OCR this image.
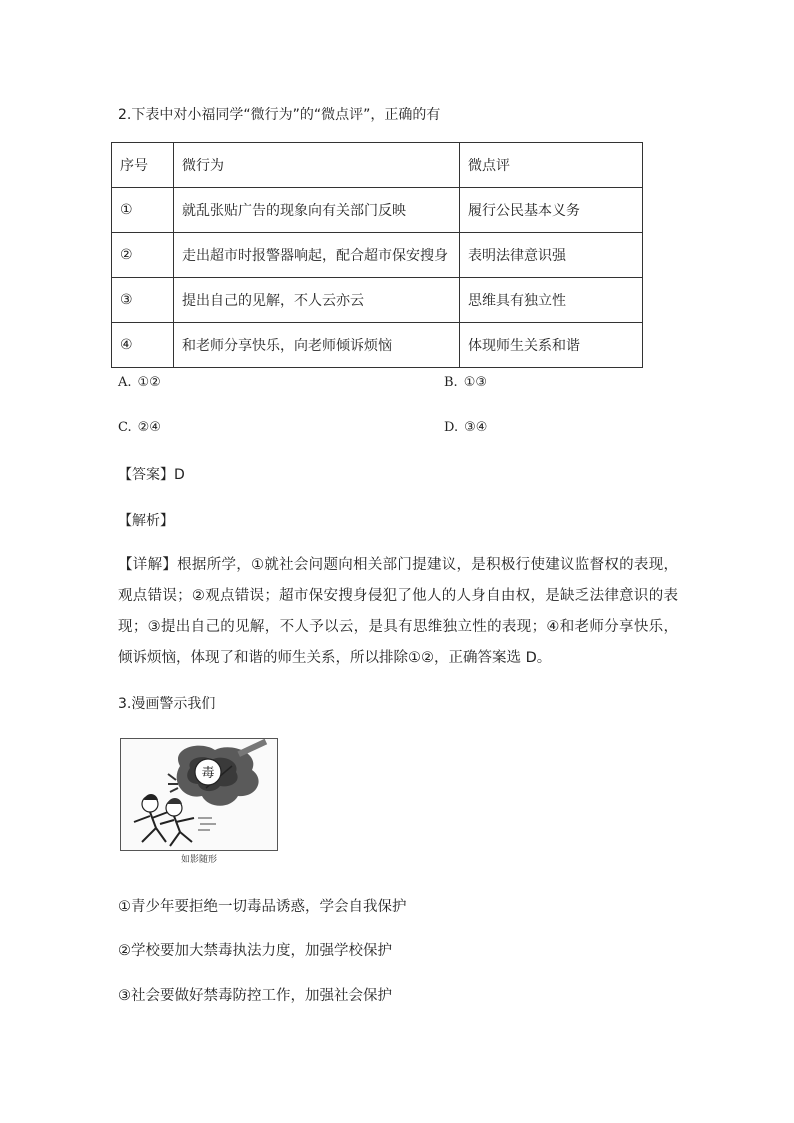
2.下表中对小福同学“微行为”的“微点评”，正确的有
序号	微行为	微点评
①	就乱张贴广告的现象向有关部门反映	履行公民基本义务
②	走出超市时报警器响起，配合超市保安搜身	表明法律意识强
③	提出自己的见解，不人云亦云	思维具有独立性
④	和老师分享快乐，向老师倾诉烦恼	体现师生关系和谐
A. ①②	B. ①③
C. ②④	D. ③④
【答案】D
【解析】
【详解】根据所学，①就社会问题向相关部门提建议，是积极行使建议监督权的表现，观点错误；②观点错误；超市保安搜身侵犯了他人的人身自由权，是缺乏法律意识的表现；③提出自己的见解，不人予以云，是具有思维独立性的表现；④和老师分享快乐，倾诉烦恼，体现了和谐的师生关系，所以排除①②，正确答案选 D。
3.漫画警示我们
毒
如影随形
①青少年要拒绝一切毒品诱惑，学会自我保护
②学校要加大禁毒执法力度，加强学校保护
③社会要做好禁毒防控工作，加强社会保护
